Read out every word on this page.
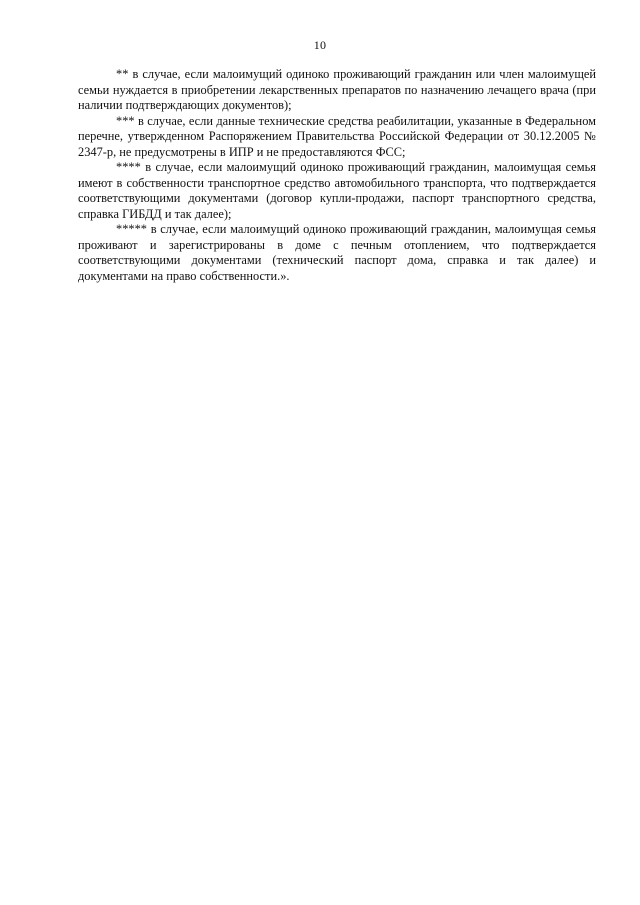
10

** в случае, если малоимущий одиноко проживающий гражданин или член малоимущей семьи нуждается в приобретении лекарственных препаратов по назначению лечащего врача (при наличии подтверждающих документов);

*** в случае, если данные технические средства реабилитации, указанные в Федеральном перечне, утвержденном Распоряжением Правительства Российской Федерации от 30.12.2005 № 2347-р, не предусмотрены в ИПР и не предоставляются ФСС;

**** в случае, если малоимущий одиноко проживающий гражданин, малоимущая семья имеют в собственности транспортное средство автомобильного транспорта, что подтверждается соответствующими документами (договор купли-продажи, паспорт транспортного средства, справка ГИБДД и так далее);

***** в случае, если малоимущий одиноко проживающий гражданин, малоимущая семья проживают и зарегистрированы в доме с печным отоплением, что подтверждается соответствующими документами (технический паспорт дома, справка и так далее) и документами на право собственности.».
